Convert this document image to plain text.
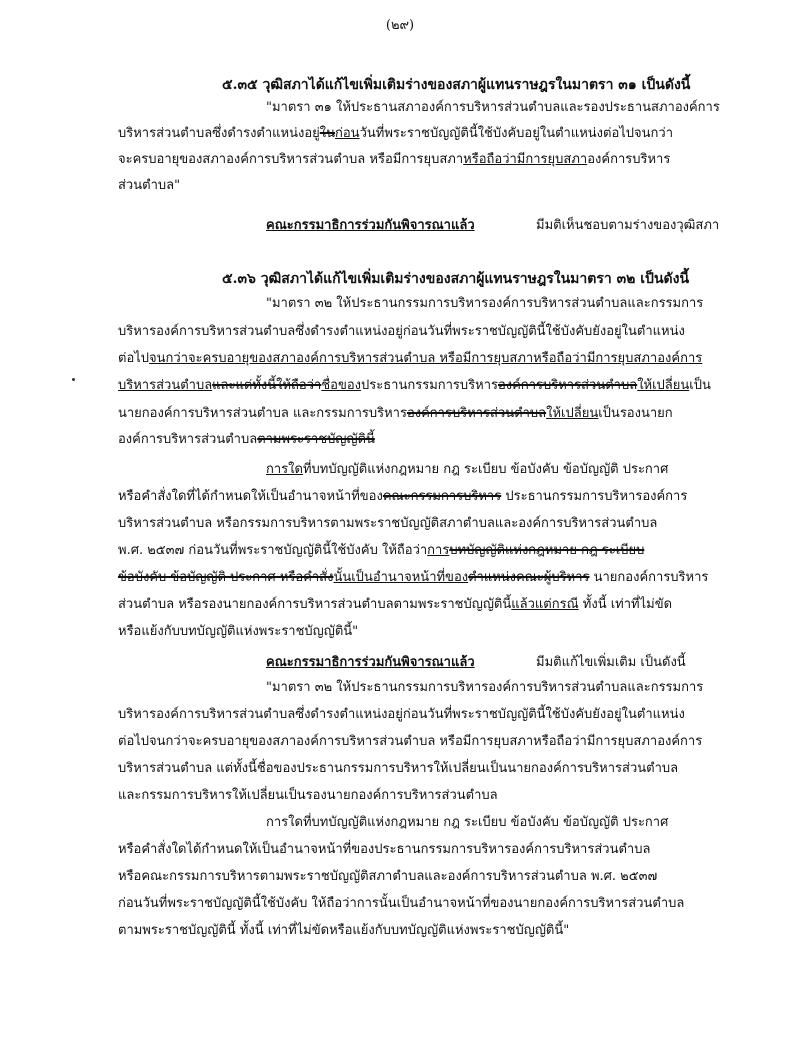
(๒๙)
๕.๓๕ วุฒิสภาได้แก้ไขเพิ่มเติมร่างของสภาผู้แทนราษฎรในมาตรา ๓๑ เป็นดังนี้
"มาตรา ๓๑ ให้ประธานสภาองค์การบริหารส่วนตำบลและรองประธานสภาองค์การ
บริหารส่วนตำบลซึ่งดำรงตำแหน่งอยู่ในก่อนวันที่พระราชบัญญัตินี้ใช้บังคับอยู่ในตำแหน่งต่อไปจนกว่า
จะครบอายุของสภาองค์การบริหารส่วนตำบล หรือมีการยุบสภาหรือถือว่ามีการยุบสภาองค์การบริหาร
ส่วนตำบล"
คณะกรรมาธิการร่วมกันพิจารณาแล้ว	มีมติเห็นชอบตามร่างของวุฒิสภา
๕.๓๖ วุฒิสภาได้แก้ไขเพิ่มเติมร่างของสภาผู้แทนราษฎรในมาตรา ๓๒ เป็นดังนี้
"มาตรา ๓๒ ให้ประธานกรรมการบริหารองค์การบริหารส่วนตำบลและกรรมการ
บริหารองค์การบริหารส่วนตำบลซึ่งดำรงตำแหน่งอยู่ก่อนวันที่พระราชบัญญัตินี้ใช้บังคับยังอยู่ในตำแหน่ง
ต่อไปจนกว่าจะครบอายุของสภาองค์การบริหารส่วนตำบล หรือมีการยุบสภาหรือถือว่ามีการยุบสภาองค์การ
บริหารส่วนตำบลและแต่ทั้งนี้ให้ถือว่าชื่อของประธานกรรมการบริหารองค์การบริหารส่วนตำบลให้เปลี่ยนเป็น
นายกองค์การบริหารส่วนตำบล และกรรมการบริหารองค์การบริหารส่วนตำบลให้เปลี่ยนเป็นรองนายก
องค์การบริหารส่วนตำบลตามพระราชบัญญัตินี้
การใดที่บทบัญญัติแห่งกฎหมาย กฎ ระเบียบ ข้อบังคับ ข้อบัญญัติ ประกาศ
หรือคำสั่งใดที่ได้กำหนดให้เป็นอำนาจหน้าที่ของคณะกรรมการบริหาร ประธานกรรมการบริหารองค์การ
บริหารส่วนตำบล หรือกรรมการบริหารตามพระราชบัญญัติสภาตำบลและองค์การบริหารส่วนตำบล
พ.ศ. ๒๕๓๗ ก่อนวันที่พระราชบัญญัตินี้ใช้บังคับ ให้ถือว่าการบทบัญญัติแห่งกฎหมาย กฎ ระเบียบ
ข้อบังคับ ข้อบัญญัติ ประกาศ หรือคำสั่งนั้นเป็นอำนาจหน้าที่ของตำแหน่งคณะผู้บริหาร นายกองค์การบริหาร
ส่วนตำบล หรือรองนายกองค์การบริหารส่วนตำบลตามพระราชบัญญัตินี้แล้วแต่กรณี ทั้งนี้ เท่าที่ไม่ขัด
หรือแย้งกับบทบัญญัติแห่งพระราชบัญญัตินี้"
คณะกรรมาธิการร่วมกันพิจารณาแล้ว	มีมติแก้ไขเพิ่มเติม เป็นดังนี้
"มาตรา ๓๒ ให้ประธานกรรมการบริหารองค์การบริหารส่วนตำบลและกรรมการ
บริหารองค์การบริหารส่วนตำบลซึ่งดำรงตำแหน่งอยู่ก่อนวันที่พระราชบัญญัตินี้ใช้บังคับยังอยู่ในตำแหน่ง
ต่อไปจนกว่าจะครบอายุของสภาองค์การบริหารส่วนตำบล หรือมีการยุบสภาหรือถือว่ามีการยุบสภาองค์การ
บริหารส่วนตำบล แต่ทั้งนี้ชื่อของประธานกรรมการบริหารให้เปลี่ยนเป็นนายกองค์การบริหารส่วนตำบล
และกรรมการบริหารให้เปลี่ยนเป็นรองนายกองค์การบริหารส่วนตำบล
การใดที่บทบัญญัติแห่งกฎหมาย กฎ ระเบียบ ข้อบังคับ ข้อบัญญัติ ประกาศ
หรือคำสั่งใดได้กำหนดให้เป็นอำนาจหน้าที่ของประธานกรรมการบริหารองค์การบริหารส่วนตำบล
หรือคณะกรรมการบริหารตามพระราชบัญญัติสภาตำบลและองค์การบริหารส่วนตำบล พ.ศ. ๒๕๓๗
ก่อนวันที่พระราชบัญญัตินี้ใช้บังคับ ให้ถือว่าการนั้นเป็นอำนาจหน้าที่ของนายกองค์การบริหารส่วนตำบล
ตามพระราชบัญญัตินี้ ทั้งนี้ เท่าที่ไม่ขัดหรือแย้งกับบทบัญญัติแห่งพระราชบัญญัตินี้"
